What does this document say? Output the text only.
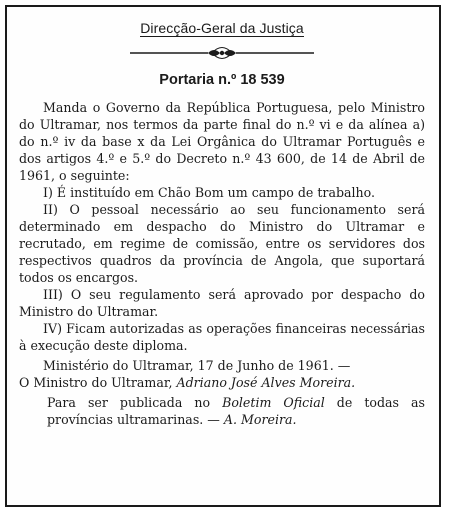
Direcção-Geral da Justiça

Portaria n.º 18 539

Manda o Governo da República Portuguesa, pelo Ministro do Ultramar, nos termos da parte final do n.º vi e da alínea a) do n.º iv da base x da Lei Orgânica do Ultramar Português e dos artigos 4.º e 5.º do Decreto n.º 43 600, de 14 de Abril de 1961, o seguinte:

I) É instituído em Chão Bom um campo de trabalho.

II) O pessoal necessário ao seu funcionamento será determinado em despacho do Ministro do Ultramar e recrutado, em regime de comissão, entre os servidores dos respectivos quadros da província de Angola, que suportará todos os encargos.

III) O seu regulamento será aprovado por despacho do Ministro do Ultramar.

IV) Ficam autorizadas as operações financeiras necessárias à execução deste diploma.

Ministério do Ultramar, 17 de Junho de 1961. —

O Ministro do Ultramar, Adriano José Alves Moreira.

Para ser publicada no Boletim Oficial de todas as províncias ultramarinas. — A. Moreira.
